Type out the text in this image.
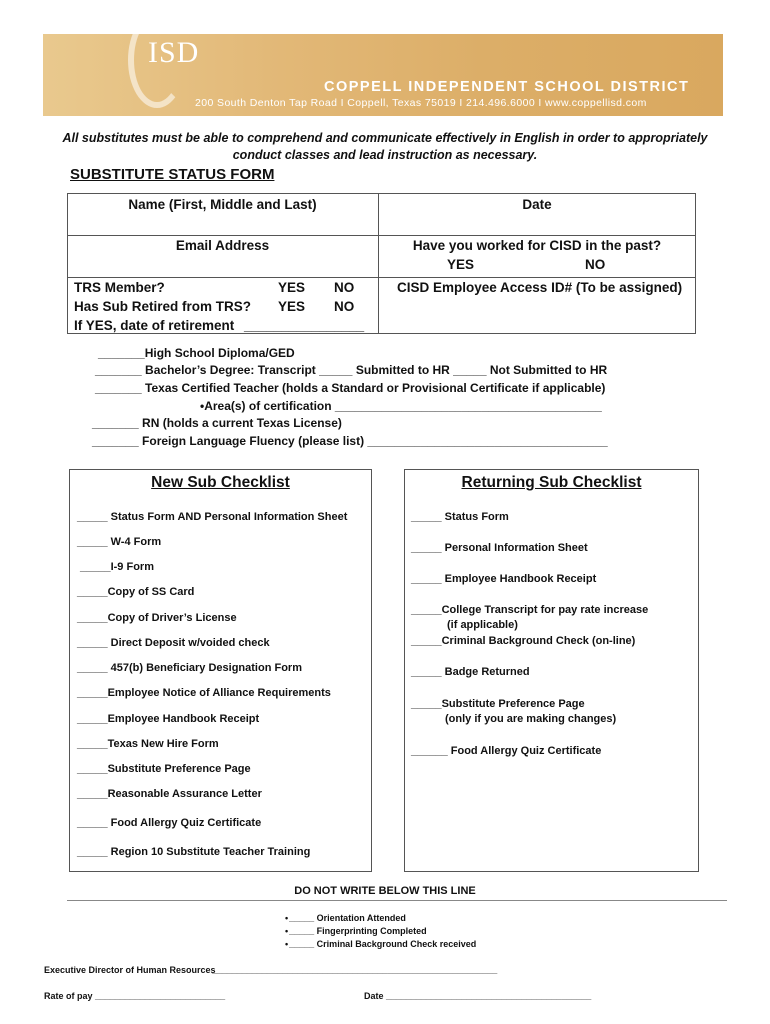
ISD
COPPELL INDEPENDENT SCHOOL DISTRICT
200 South Denton Tap Road I Coppell, Texas 75019 I 214.496.6000 I www.coppellisd.com
All substitutes must be able to comprehend and communicate effectively in English in order to appropriately conduct classes and lead instruction as necessary.
SUBSTITUTE STATUS FORM
Name (First, Middle and Last)	Date
Email Address	Have you worked for CISD in the past?
YES	NO
TRS Member?	YES NO
Has Sub Retired from TRS? YES NO
If YES, date of retirement ________________
CISD Employee Access ID# (To be assigned)
_______High School Diploma/GED
_______ Bachelor’s Degree: Transcript _____ Submitted to HR _____ Not Submitted to HR
_______ Texas Certified Teacher (holds a Standard or Provisional Certificate if applicable)
•Area(s) of certification ________________________________________
_______ RN (holds a current Texas License)
_______ Foreign Language Fluency (please list) ____________________________________
New Sub Checklist
_____ Status Form AND Personal Information Sheet
_____ W-4 Form
_____I-9 Form
_____Copy of SS Card
_____Copy of Driver’s License
_____ Direct Deposit w/voided check
_____ 457(b) Beneficiary Designation Form
_____Employee Notice of Alliance Requirements
_____Employee Handbook Receipt
_____Texas New Hire Form
_____Substitute Preference Page
_____Reasonable Assurance Letter
_____ Food Allergy Quiz Certificate
_____ Region 10 Substitute Teacher Training
Returning Sub Checklist
_____ Status Form
_____ Personal Information Sheet
_____ Employee Handbook Receipt
_____College Transcript for pay rate increase
(if applicable)
_____Criminal Background Check (on-line)
_____ Badge Returned
_____Substitute Preference Page
(only if you are making changes)
______ Food Allergy Quiz Certificate
DO NOT WRITE BELOW THIS LINE
• _____ Orientation Attended
• _____ Fingerprinting Completed
• _____ Criminal Background Check received
Executive Director of Human Resources
_________________________________________________________
Rate of pay __________________________	Date _________________________________________
